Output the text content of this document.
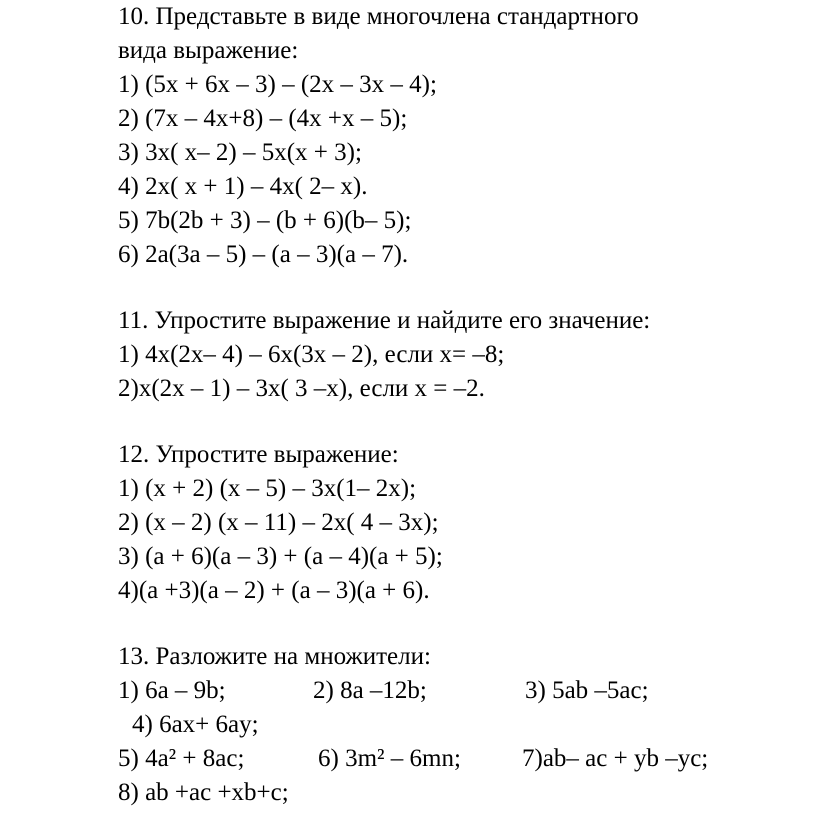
10. Представьте в виде многочлена стандартного
вида выражение:
1) (5x + 6x – 3) – (2x – 3x – 4);
2) (7x – 4x+8) – (4x +x – 5);
3) 3x( x– 2) – 5x(x + 3);
4) 2x( x + 1) – 4x( 2– x).
5) 7b(2b + 3) – (b + 6)(b– 5);
6) 2a(3a – 5) – (a – 3)(a – 7).
11. Упростите выражение и найдите его значение:
1) 4x(2x– 4) – 6x(3x – 2), если x= –8;
2)x(2x – 1) – 3x( 3 –x), если x = –2.
12. Упростите выражение:
1) (x + 2) (x – 5) – 3x(1– 2x);
2) (x – 2) (x – 11) – 2x( 4 – 3x);
3) (a + 6)(a – 3) + (a – 4)(a + 5);
4)(a +3)(a – 2) + (a – 3)(a + 6).
13. Разложите на множители:
1) 6a – 9b;	2) 8a –12b;	3) 5ab –5ac;
4) 6ax+ 6ay;
5) 4a² + 8ac;	6) 3m² – 6mn;	7)ab– ac + yb –yc;
8) ab +ac +xb+c;
